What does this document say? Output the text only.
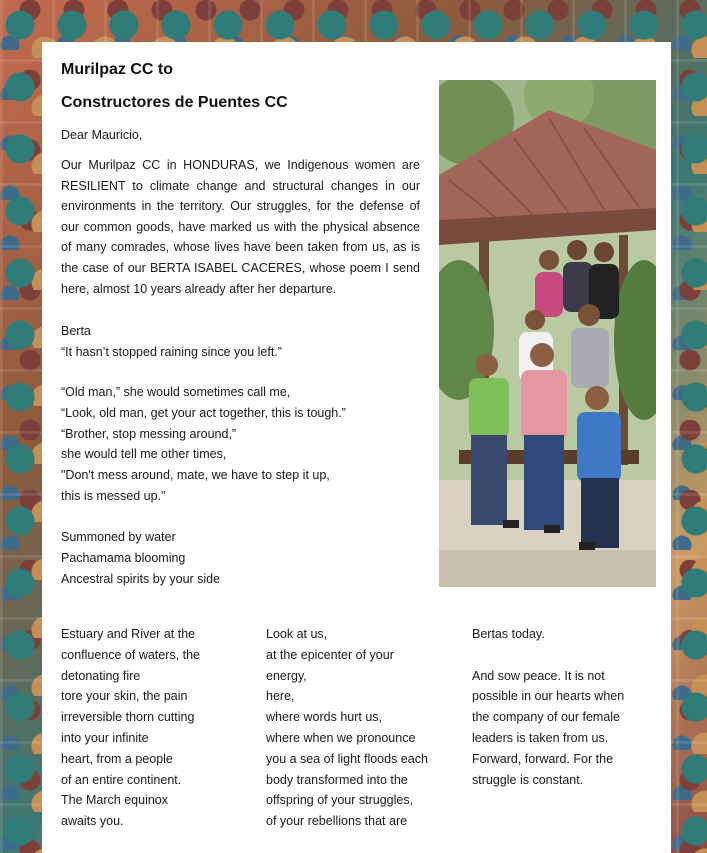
Murilpaz CC to
Constructores de Puentes CC
Dear Mauricio,

Our Murilpaz CC in HONDURAS, we Indigenous women are RESILIENT to climate change and structural changes in our environments in the territory. Our struggles, for the defense of our common goods, have marked us with the physical absence of many comrades, whose lives have been taken from us, as is the case of our BERTA ISABEL CACERES, whose poem I send here, almost 10 years already after her departure.

Berta
“It hasn’t stopped raining since you left.”
“Old man,” she would sometimes call me,
“Look, old man, get your act together, this is tough.”
“Brother, stop messing around,”
she would tell me other times,
"Don't mess around, mate, we have to step it up,
this is messed up."
Summoned by water
Pachamama blooming
Ancestral spirits by your side
Estuary and River at the
confluence of waters, the
detonating fire
tore your skin, the pain
irreversible thorn cutting
into your infinite
heart, from a people
of an entire continent.
The March equinox
awaits you.
Look at us,
at the epicenter of your
energy,
here,
where words hurt us,
where when we pronounce
you a sea of light floods each
body transformed into the
offspring of your struggles,
of your rebellions that are
Bertas today.
And sow peace. It is not
possible in our hearts when
the company of our female
leaders is taken from us.
Forward, forward. For the
struggle is constant.
